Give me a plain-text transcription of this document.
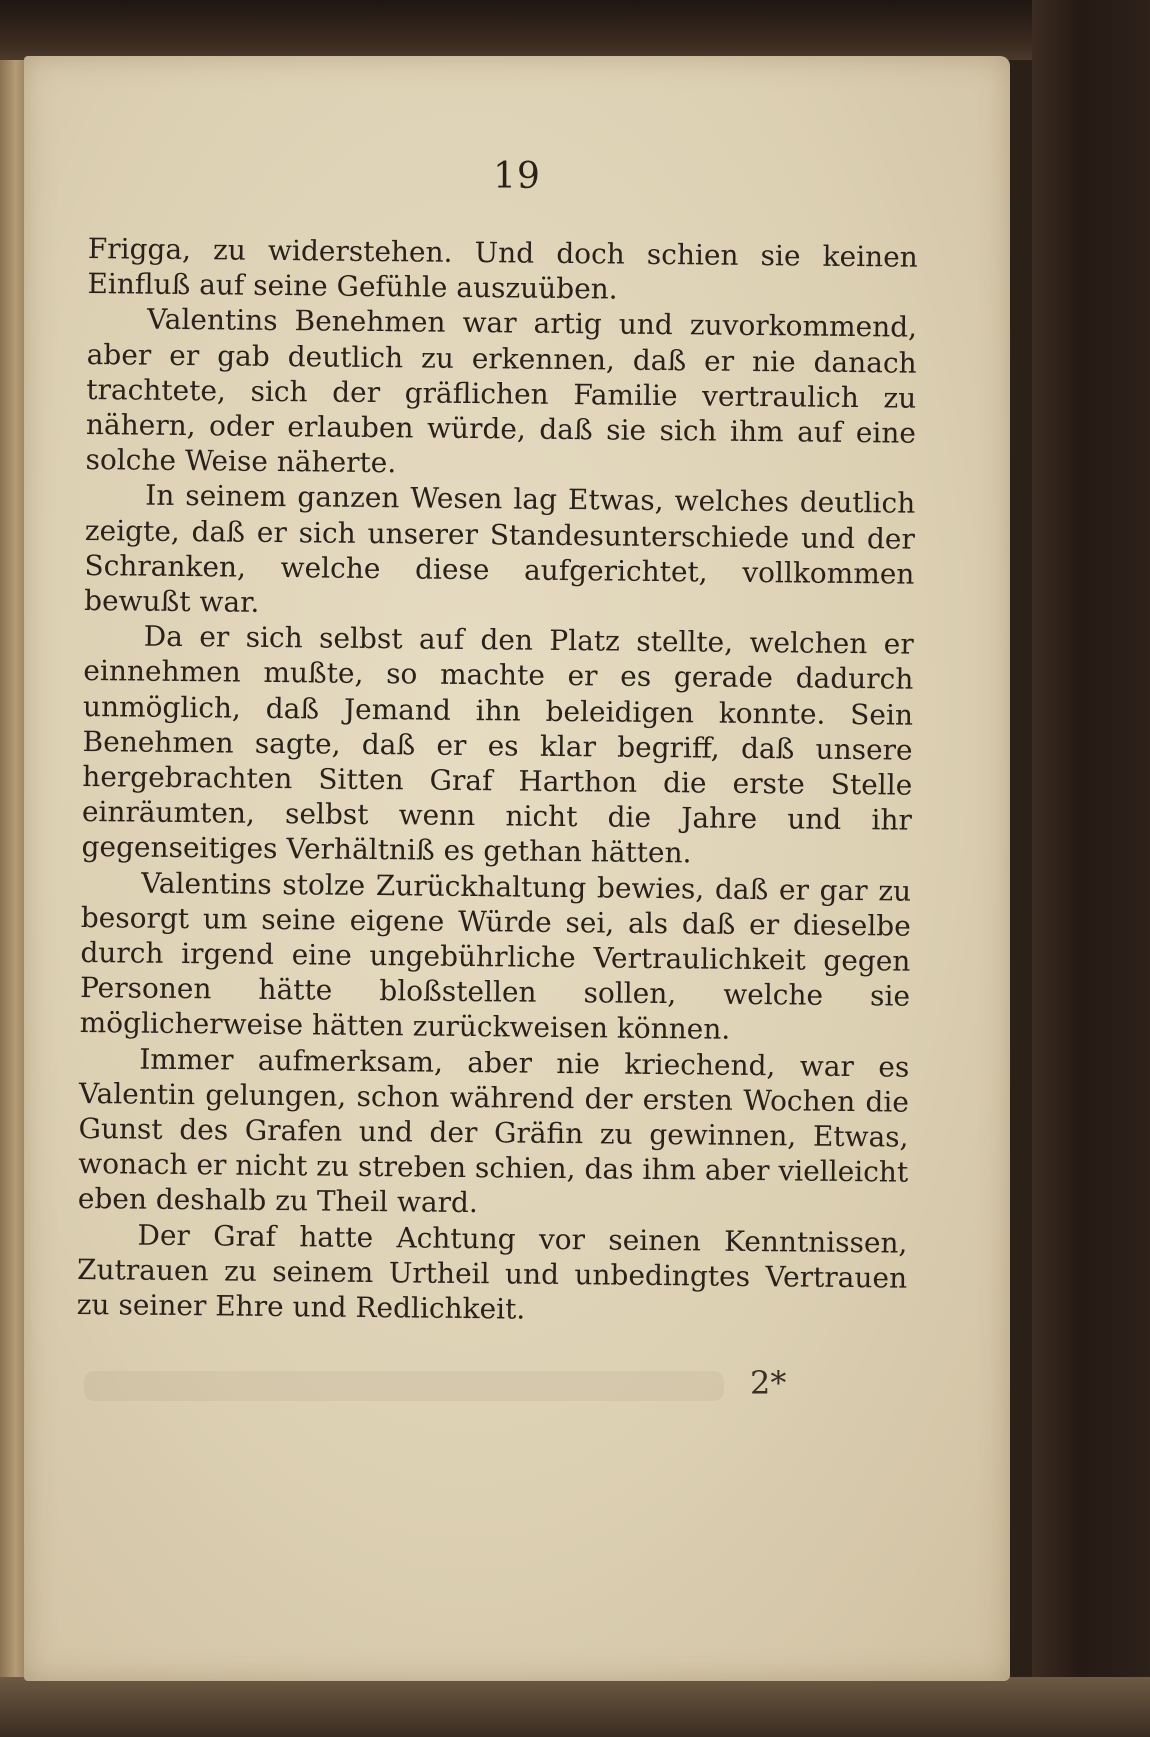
19

Frigga, zu widerstehen. Und doch schien sie keinen Einfluß auf seine Gefühle auszuüben.

Valentins Benehmen war artig und zuvorkommend, aber er gab deutlich zu erkennen, daß er nie danach trachtete, sich der gräflichen Familie vertraulich zu nähern, oder erlauben würde, daß sie sich ihm auf eine solche Weise näherte.

In seinem ganzen Wesen lag Etwas, welches deutlich zeigte, daß er sich unserer Standesunterschiede und der Schranken, welche diese aufgerichtet, vollkommen bewußt war.

Da er sich selbst auf den Platz stellte, welchen er einnehmen mußte, so machte er es gerade dadurch unmöglich, daß Jemand ihn beleidigen konnte. Sein Benehmen sagte, daß er es klar begriff, daß unsere hergebrachten Sitten Graf Harthon die erste Stelle einräumten, selbst wenn nicht die Jahre und ihr gegenseitiges Verhältniß es gethan hätten.

Valentins stolze Zurückhaltung bewies, daß er gar zu besorgt um seine eigene Würde sei, als daß er dieselbe durch irgend eine ungebührliche Vertraulichkeit gegen Personen hätte bloßstellen sollen, welche sie möglicherweise hätten zurückweisen können.

Immer aufmerksam, aber nie kriechend, war es Valentin gelungen, schon während der ersten Wochen die Gunst des Grafen und der Gräfin zu gewinnen, Etwas, wonach er nicht zu streben schien, das ihm aber vielleicht eben deshalb zu Theil ward.

Der Graf hatte Achtung vor seinen Kenntnissen, Zutrauen zu seinem Urtheil und unbedingtes Vertrauen zu seiner Ehre und Redlichkeit.

2*
